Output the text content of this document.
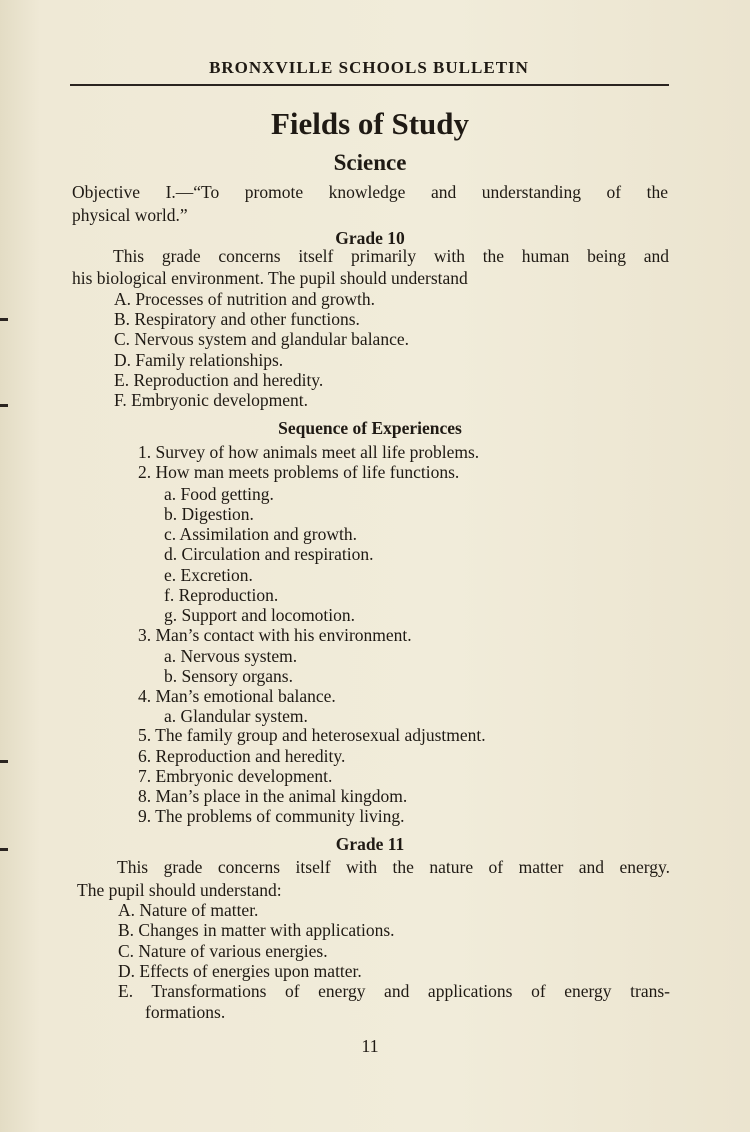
BRONXVILLE SCHOOLS BULLETIN
Fields of Study
Science
Objective I.—“To promote knowledge and understanding of the
physical world.”
Grade 10
This grade concerns itself primarily with the human being and
his biological environment. The pupil should understand
A. Processes of nutrition and growth.
B. Respiratory and other functions.
C. Nervous system and glandular balance.
D. Family relationships.
E. Reproduction and heredity.
F. Embryonic development.
Sequence of Experiences
1. Survey of how animals meet all life problems.
2. How man meets problems of life functions.
a. Food getting.
b. Digestion.
c. Assimilation and growth.
d. Circulation and respiration.
e. Excretion.
f. Reproduction.
g. Support and locomotion.
3. Man’s contact with his environment.
a. Nervous system.
b. Sensory organs.
4. Man’s emotional balance.
a. Glandular system.
5. The family group and heterosexual adjustment.
6. Reproduction and heredity.
7. Embryonic development.
8. Man’s place in the animal kingdom.
9. The problems of community living.
Grade 11
This grade concerns itself with the nature of matter and energy.
The pupil should understand:
A. Nature of matter.
B. Changes in matter with applications.
C. Nature of various energies.
D. Effects of energies upon matter.
E. Transformations of energy and applications of energy trans-
formations.
11
